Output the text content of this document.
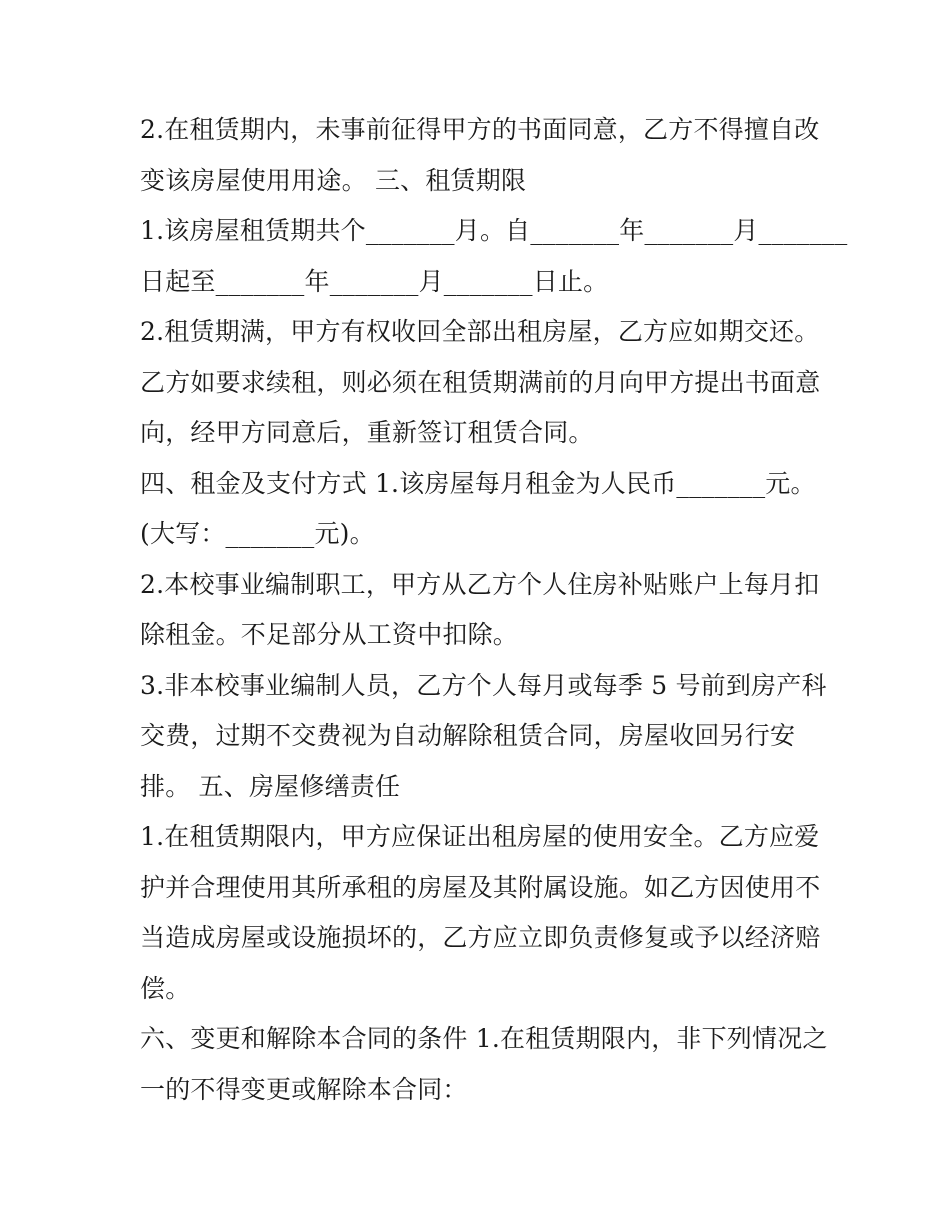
2.在租赁期内，未事前征得甲方的书面同意，乙方不得擅自改
变该房屋使用用途。 三、租赁期限
1.该房屋租赁期共个_______月。自_______年_______月_______
日起至_______年_______月_______日止。
2.租赁期满，甲方有权收回全部出租房屋，乙方应如期交还。
乙方如要求续租，则必须在租赁期满前的月向甲方提出书面意
向，经甲方同意后，重新签订租赁合同。
四、租金及支付方式 1.该房屋每月租金为人民币_______元。
(大写：_______元)。
2.本校事业编制职工，甲方从乙方个人住房补贴账户上每月扣
除租金。不足部分从工资中扣除。
3.非本校事业编制人员，乙方个人每月或每季 5 号前到房产科
交费，过期不交费视为自动解除租赁合同，房屋收回另行安
排。 五、房屋修缮责任
1.在租赁期限内，甲方应保证出租房屋的使用安全。乙方应爱
护并合理使用其所承租的房屋及其附属设施。如乙方因使用不
当造成房屋或设施损坏的，乙方应立即负责修复或予以经济赔
偿。
六、变更和解除本合同的条件 1.在租赁期限内，非下列情况之
一的不得变更或解除本合同：
